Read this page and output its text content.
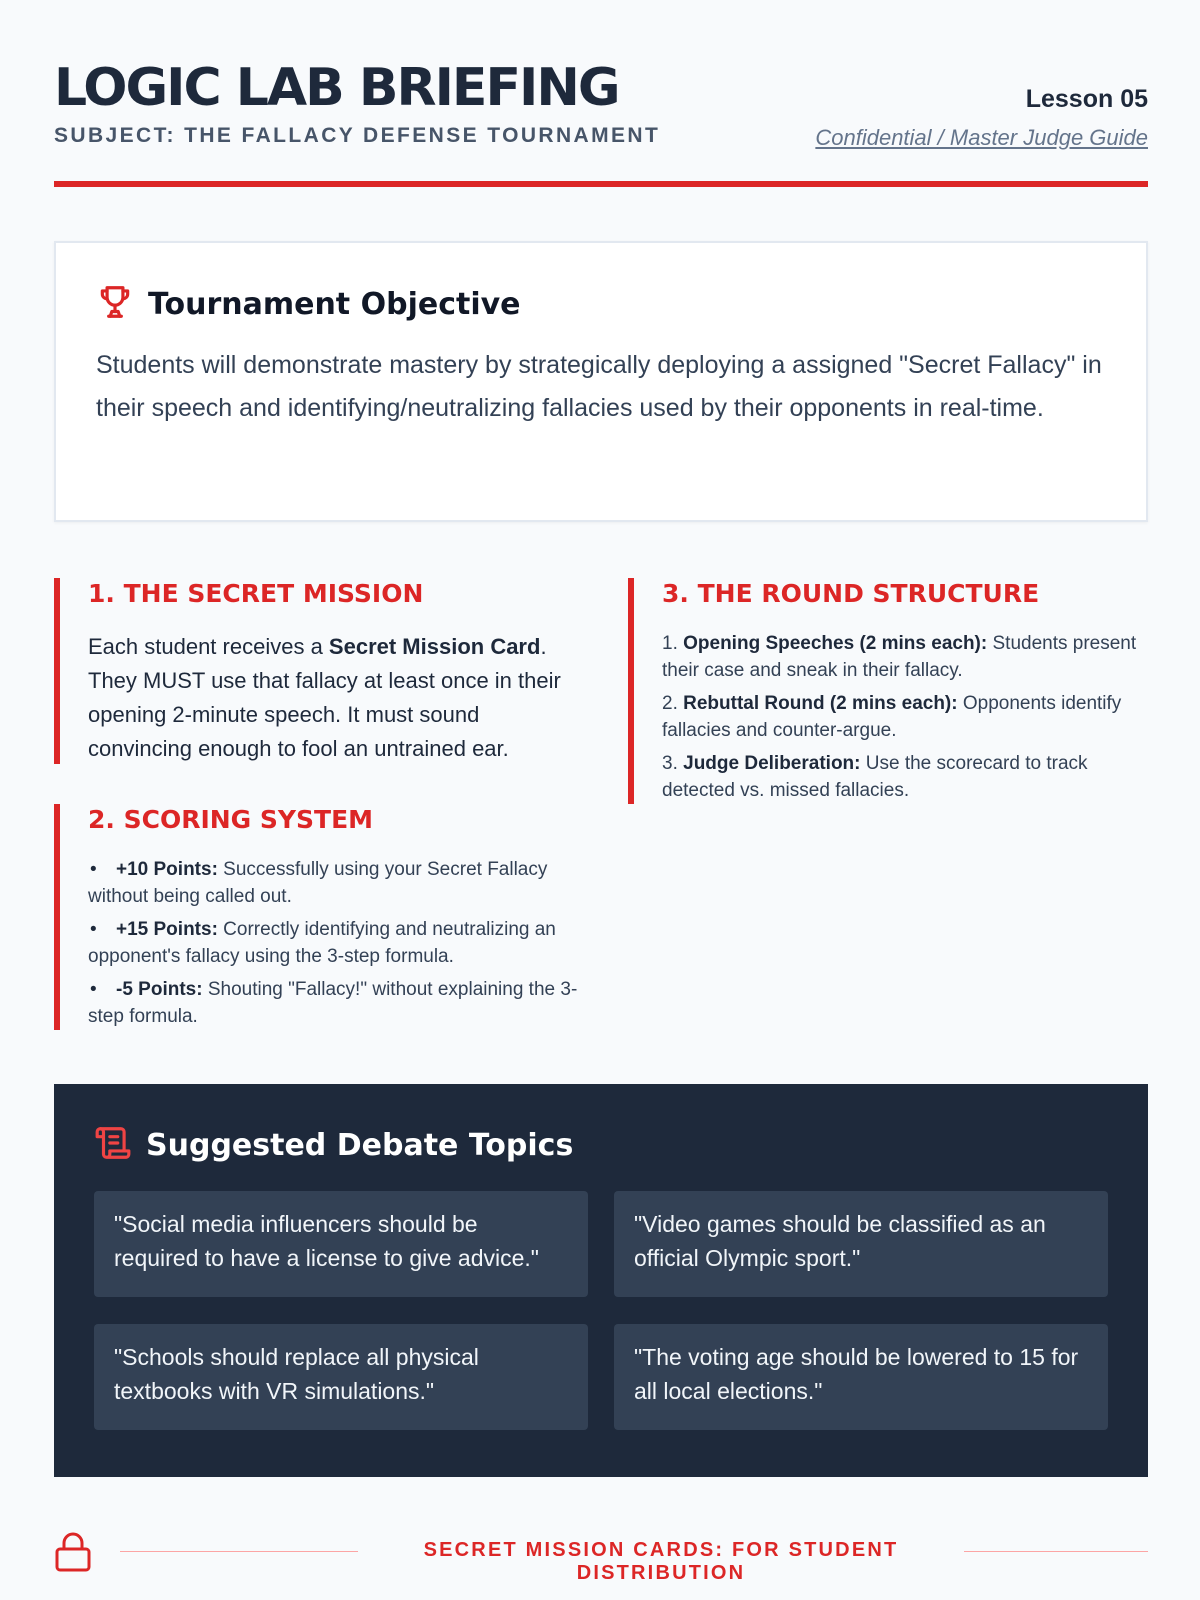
LOGIC LAB BRIEFING
SUBJECT: THE FALLACY DEFENSE TOURNAMENT
Lesson 05
Confidential / Master Judge Guide
Tournament Objective

Students will demonstrate mastery by strategically deploying a assigned "Secret Fallacy" in their speech and identifying/neutralizing fallacies used by their opponents in real-time.

1. THE SECRET MISSION

Each student receives a Secret Mission Card. They MUST use that fallacy at least once in their opening 2-minute speech. It must sound convincing enough to fool an untrained ear.

2. SCORING SYSTEM
• +10 Points: Successfully using your Secret Fallacy without being called out.
• +15 Points: Correctly identifying and neutralizing an opponent's fallacy using the 3-step formula.
• -5 Points: Shouting "Fallacy!" without explaining the 3-step formula.
3. THE ROUND STRUCTURE
1. Opening Speeches (2 mins each): Students present their case and sneak in their fallacy.
2. Rebuttal Round (2 mins each): Opponents identify fallacies and counter-argue.
3. Judge Deliberation: Use the scorecard to track detected vs. missed fallacies.
Suggested Debate Topics
"Social media influencers should be required to have a license to give advice."
"Video games should be classified as an official Olympic sport."
"Schools should replace all physical textbooks with VR simulations."
"The voting age should be lowered to 15 for all local elections."
SECRET MISSION CARDS: FOR STUDENT DISTRIBUTION
